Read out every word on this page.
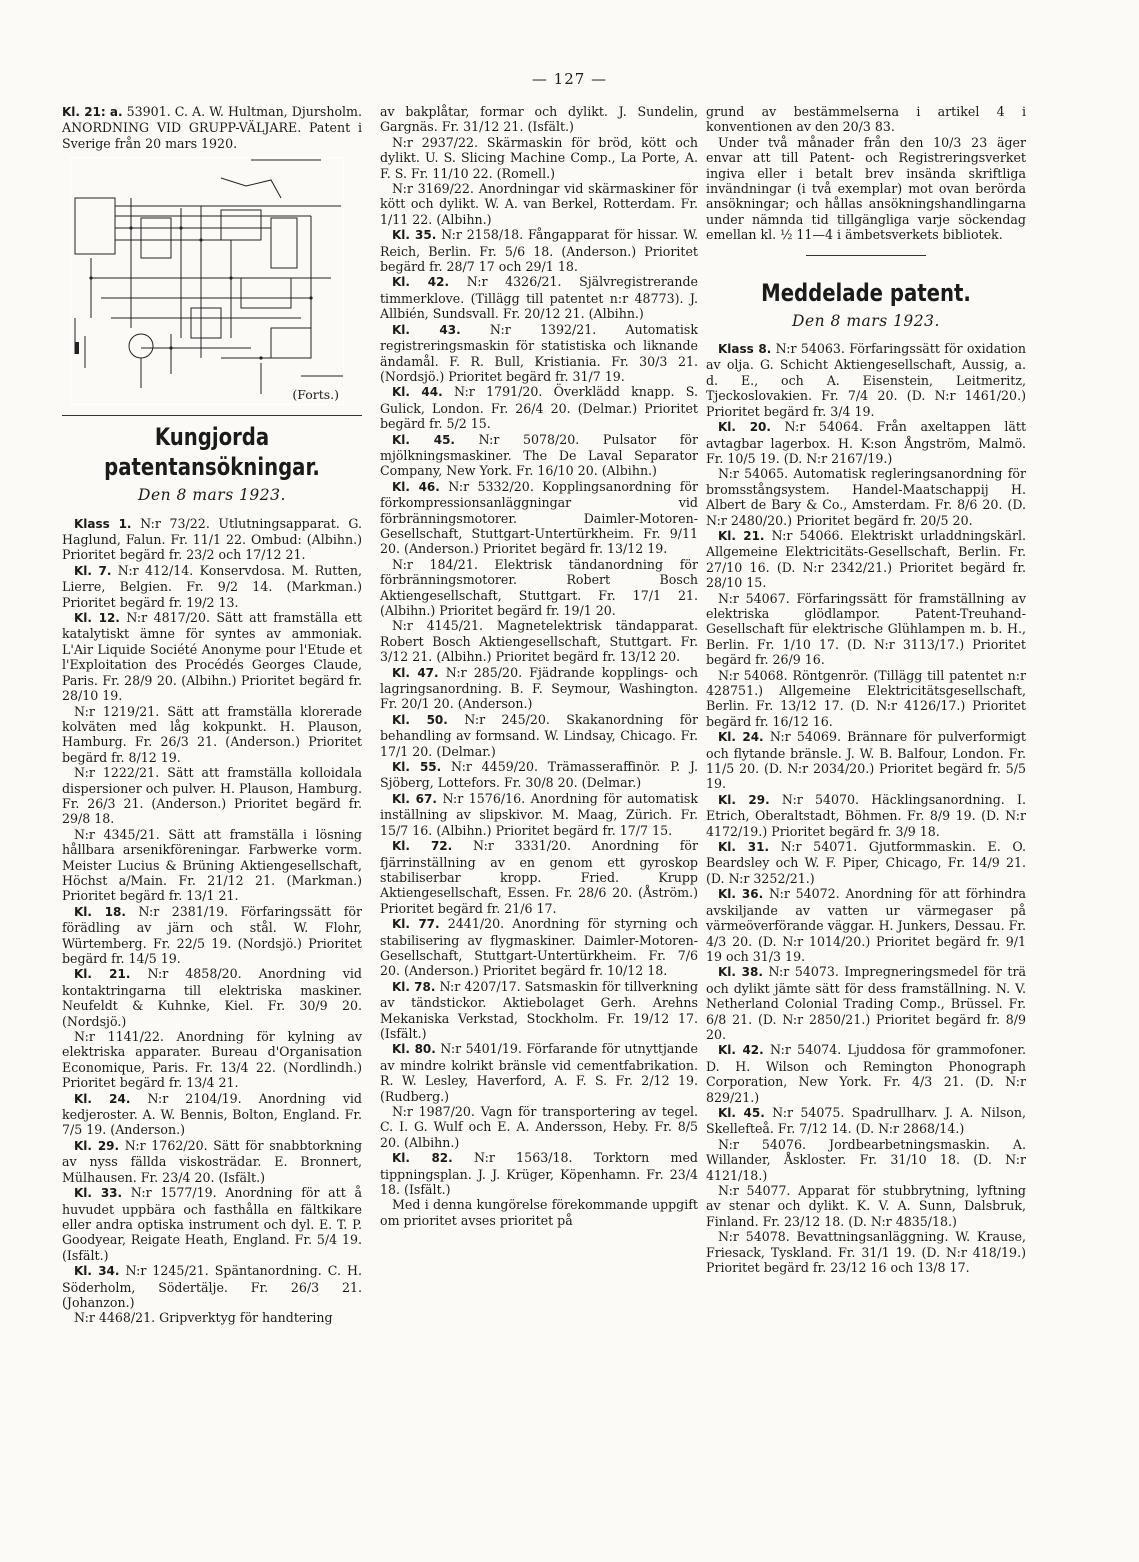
— 127 —

Kl. 21: a. 53901. C. A. W. Hultman, Djursholm. ANORDNING VID GRUPP-VÄLJARE. Patent i Sverige från 20 mars 1920.

(Forts.)
Kungjorda patentansökningar.
Den 8 mars 1923.

Klass 1. N:r 73/22. Utlutningsapparat. G. Haglund, Falun. Fr. 11/1 22. Ombud: (Albihn.) Prioritet begärd fr. 23/2 och 17/12 21.

Kl. 7. N:r 412/14. Konservdosa. M. Rutten, Lierre, Belgien. Fr. 9/2 14. (Markman.) Prioritet begärd fr. 19/2 13.

Kl. 12. N:r 4817/20. Sätt att framställa ett katalytiskt ämne för syntes av ammoniak. L'Air Liquide Société Anonyme pour l'Etude et l'Exploitation des Procédés Georges Claude, Paris. Fr. 28/9 20. (Albihn.) Prioritet begärd fr. 28/10 19.

N:r 1219/21. Sätt att framställa klorerade kolväten med låg kokpunkt. H. Plauson, Hamburg. Fr. 26/3 21. (Anderson.) Prioritet begärd fr. 8/12 19.

N:r 1222/21. Sätt att framställa kolloidala dispersioner och pulver. H. Plauson, Hamburg. Fr. 26/3 21. (Anderson.) Prioritet begärd fr. 29/8 18.

N:r 4345/21. Sätt att framställa i lösning hållbara arsenikföreningar. Farbwerke vorm. Meister Lucius & Brüning Aktiengesellschaft, Höchst a/Main. Fr. 21/12 21. (Markman.) Prioritet begärd fr. 13/1 21.

Kl. 18. N:r 2381/19. Förfaringssätt för förädling av järn och stål. W. Flohr, Würtemberg. Fr. 22/5 19. (Nordsjö.) Prioritet begärd fr. 14/5 19.

Kl. 21. N:r 4858/20. Anordning vid kontaktringarna till elektriska maskiner. Neufeldt & Kuhnke, Kiel. Fr. 30/9 20. (Nordsjö.)

N:r 1141/22. Anordning för kylning av elektriska apparater. Bureau d'Organisation Economique, Paris. Fr. 13/4 22. (Nordlindh.) Prioritet begärd fr. 13/4 21.

Kl. 24. N:r 2104/19. Anordning vid kedjeroster. A. W. Bennis, Bolton, England. Fr. 7/5 19. (Anderson.)

Kl. 29. N:r 1762/20. Sätt för snabbtorkning av nyss fällda viskosträdar. E. Bronnert, Mülhausen. Fr. 23/4 20. (Isfält.)

Kl. 33. N:r 1577/19. Anordning för att å huvudet uppbära och fasthålla en fältkikare eller andra optiska instrument och dyl. E. T. P. Goodyear, Reigate Heath, England. Fr. 5/4 19. (Isfält.)

Kl. 34. N:r 1245/21. Späntanordning. C. H. Söderholm, Södertälje. Fr. 26/3 21. (Johanzon.)

N:r 4468/21. Gripverktyg för handtering

av bakplåtar, formar och dylikt. J. Sundelin, Gargnäs. Fr. 31/12 21. (Isfält.)

N:r 2937/22. Skärmaskin för bröd, kött och dylikt. U. S. Slicing Machine Comp., La Porte, A. F. S. Fr. 11/10 22. (Romell.)

N:r 3169/22. Anordningar vid skärmaskiner för kött och dylikt. W. A. van Berkel, Rotterdam. Fr. 1/11 22. (Albihn.)

Kl. 35. N:r 2158/18. Fångapparat för hissar. W. Reich, Berlin. Fr. 5/6 18. (Anderson.) Prioritet begärd fr. 28/7 17 och 29/1 18.

Kl. 42. N:r 4326/21. Självregistrerande timmerklove. (Tillägg till patentet n:r 48773). J. Allbién, Sundsvall. Fr. 20/12 21. (Albihn.)

Kl. 43. N:r 1392/21. Automatisk registreringsmaskin för statistiska och liknande ändamål. F. R. Bull, Kristiania. Fr. 30/3 21. (Nordsjö.) Prioritet begärd fr. 31/7 19.

Kl. 44. N:r 1791/20. Överklädd knapp. S. Gulick, London. Fr. 26/4 20. (Delmar.) Prioritet begärd fr. 5/2 15.

Kl. 45. N:r 5078/20. Pulsator för mjölkningsmaskiner. The De Laval Separator Company, New York. Fr. 16/10 20. (Albihn.)

Kl. 46. N:r 5332/20. Kopplingsanordning för förkompressionsanläggningar vid förbränningsmotorer. Daimler-Motoren-Gesellschaft, Stuttgart-Untertürkheim. Fr. 9/11 20. (Anderson.) Prioritet begärd fr. 13/12 19.

N:r 184/21. Elektrisk tändanordning för förbränningsmotorer. Robert Bosch Aktiengesellschaft, Stuttgart. Fr. 17/1 21. (Albihn.) Prioritet begärd fr. 19/1 20.

N:r 4145/21. Magnetelektrisk tändapparat. Robert Bosch Aktiengesellschaft, Stuttgart. Fr. 3/12 21. (Albihn.) Prioritet begärd fr. 13/12 20.

Kl. 47. N:r 285/20. Fjädrande kopplings- och lagringsanordning. B. F. Seymour, Washington. Fr. 20/1 20. (Anderson.)

Kl. 50. N:r 245/20. Skakanordning för behandling av formsand. W. Lindsay, Chicago. Fr. 17/1 20. (Delmar.)

Kl. 55. N:r 4459/20. Trämasseraffinör. P. J. Sjöberg, Lottefors. Fr. 30/8 20. (Delmar.)

Kl. 67. N:r 1576/16. Anordning för automatisk inställning av slipskivor. M. Maag, Zürich. Fr. 15/7 16. (Albihn.) Prioritet begärd fr. 17/7 15.

Kl. 72. N:r 3331/20. Anordning för fjärrinställning av en genom ett gyroskop stabiliserbar kropp. Fried. Krupp Aktiengesellschaft, Essen. Fr. 28/6 20. (Åström.) Prioritet begärd fr. 21/6 17.

Kl. 77. 2441/20. Anordning för styrning och stabilisering av flygmaskiner. Daimler-Motoren-Gesellschaft, Stuttgart-Untertürkheim. Fr. 7/6 20. (Anderson.) Prioritet begärd fr. 10/12 18.

Kl. 78. N:r 4207/17. Satsmaskin för tillverkning av tändstickor. Aktiebolaget Gerh. Arehns Mekaniska Verkstad, Stockholm. Fr. 19/12 17. (Isfält.)

Kl. 80. N:r 5401/19. Förfarande för utnyttjande av mindre kolrikt bränsle vid cementfabrikation. R. W. Lesley, Haverford, A. F. S. Fr. 2/12 19. (Rudberg.)

N:r 1987/20. Vagn för transportering av tegel. C. I. G. Wulf och E. A. Andersson, Heby. Fr. 8/5 20. (Albihn.)

Kl. 82. N:r 1563/18. Torktorn med tippningsplan. J. J. Krüger, Köpenhamn. Fr. 23/4 18. (Isfält.)

Med i denna kungörelse förekommande uppgift om prioritet avses prioritet på

grund av bestämmelserna i artikel 4 i konventionen av den 20/3 83.

Under två månader från den 10/3 23 äger envar att till Patent- och Registreringsverket ingiva eller i betalt brev insända skriftliga invändningar (i två exemplar) mot ovan berörda ansökningar; och hållas ansökningshandlingarna under nämnda tid tillgängliga varje söckendag emellan kl. ½ 11—4 i ämbetsverkets bibliotek.

Meddelade patent.
Den 8 mars 1923.

Klass 8. N:r 54063. Förfaringssätt för oxidation av olja. G. Schicht Aktiengesellschaft, Aussig, a. d. E., och A. Eisenstein, Leitmeritz, Tjeckoslovakien. Fr. 7/4 20. (D. N:r 1461/20.) Prioritet begärd fr. 3/4 19.

Kl. 20. N:r 54064. Från axeltappen lätt avtagbar lagerbox. H. K:son Ångström, Malmö. Fr. 10/5 19. (D. N:r 2167/19.)

N:r 54065. Automatisk regleringsanordning för bromsstångsystem. Handel-Maatschappij H. Albert de Bary & Co., Amsterdam. Fr. 8/6 20. (D. N:r 2480/20.) Prioritet begärd fr. 20/5 20.

Kl. 21. N:r 54066. Elektriskt urladdningskärl. Allgemeine Elektricitäts-Gesellschaft, Berlin. Fr. 27/10 16. (D. N:r 2342/21.) Prioritet begärd fr. 28/10 15.

N:r 54067. Förfaringssätt för framställning av elektriska glödlampor. Patent-Treuhand-Gesellschaft für elektrische Glühlampen m. b. H., Berlin. Fr. 1/10 17. (D. N:r 3113/17.) Prioritet begärd fr. 26/9 16.

N:r 54068. Röntgenrör. (Tillägg till patentet n:r 428751.) Allgemeine Elektricitätsgesellschaft, Berlin. Fr. 13/12 17. (D. N:r 4126/17.) Prioritet begärd fr. 16/12 16.

Kl. 24. N:r 54069. Brännare för pulverformigt och flytande bränsle. J. W. B. Balfour, London. Fr. 11/5 20. (D. N:r 2034/20.) Prioritet begärd fr. 5/5 19.

Kl. 29. N:r 54070. Häcklingsanordning. I. Etrich, Oberaltstadt, Böhmen. Fr. 8/9 19. (D. N:r 4172/19.) Prioritet begärd fr. 3/9 18.

Kl. 31. N:r 54071. Gjutformmaskin. E. O. Beardsley och W. F. Piper, Chicago, Fr. 14/9 21. (D. N:r 3252/21.)

Kl. 36. N:r 54072. Anordning för att förhindra avskiljande av vatten ur värmegaser på värmeöverförande väggar. H. Junkers, Dessau. Fr. 4/3 20. (D. N:r 1014/20.) Prioritet begärd fr. 9/1 19 och 31/3 19.

Kl. 38. N:r 54073. Impregneringsmedel för trä och dylikt jämte sätt för dess framställning. N. V. Netherland Colonial Trading Comp., Brüssel. Fr. 6/8 21. (D. N:r 2850/21.) Prioritet begärd fr. 8/9 20.

Kl. 42. N:r 54074. Ljuddosa för grammofoner. D. H. Wilson och Remington Phonograph Corporation, New York. Fr. 4/3 21. (D. N:r 829/21.)

Kl. 45. N:r 54075. Spadrullharv. J. A. Nilson, Skellefteå. Fr. 7/12 14. (D. N:r 2868/14.)

N:r 54076. Jordbearbetningsmaskin. A. Willander, Åskloster. Fr. 31/10 18. (D. N:r 4121/18.)

N:r 54077. Apparat för stubbrytning, lyftning av stenar och dylikt. K. V. A. Sunn, Dalsbruk, Finland. Fr. 23/12 18. (D. N:r 4835/18.)

N:r 54078. Bevattningsanläggning. W. Krause, Friesack, Tyskland. Fr. 31/1 19. (D. N:r 418/19.) Prioritet begärd fr. 23/12 16 och 13/8 17.
